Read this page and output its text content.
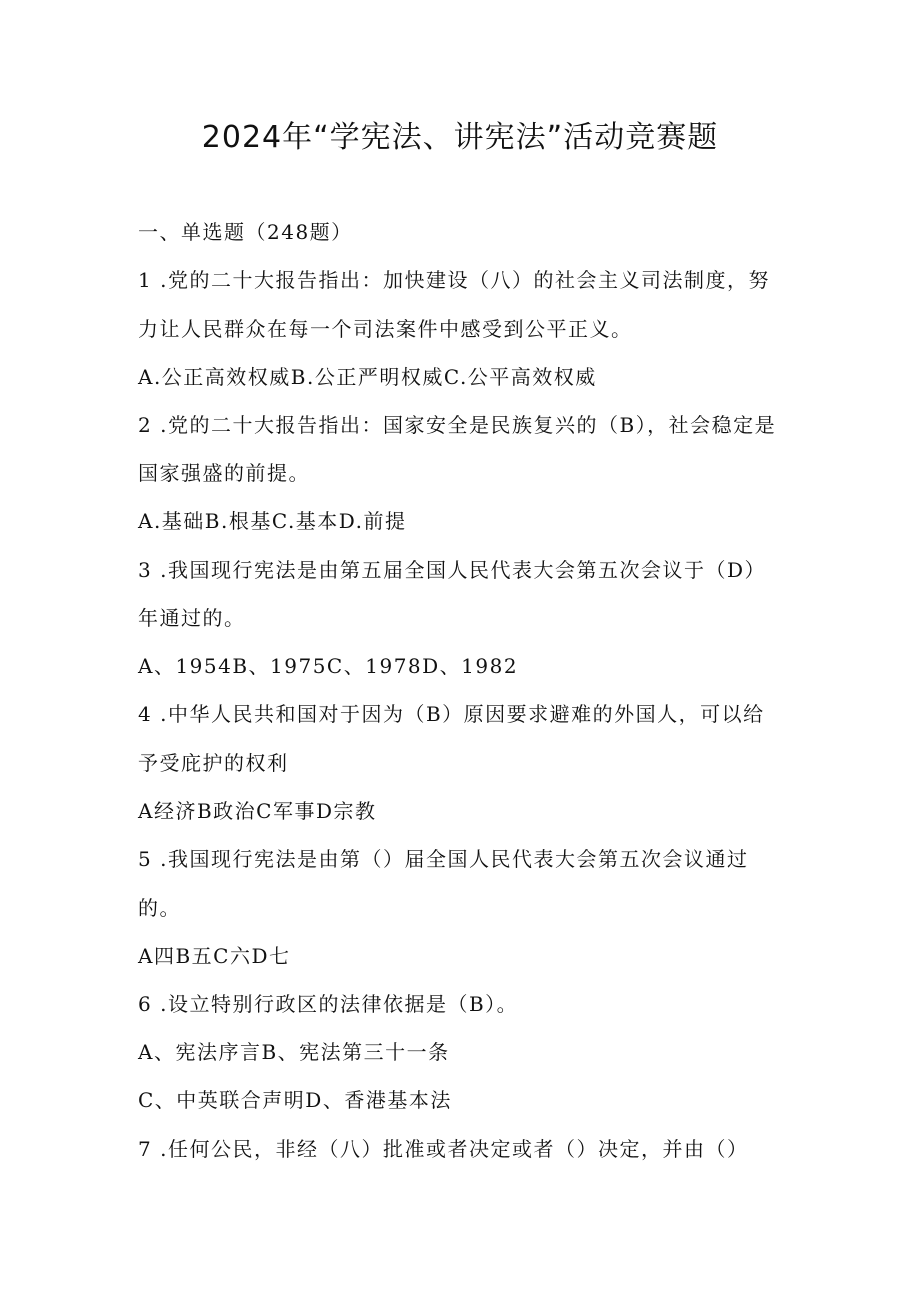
2024年“学宪法、讲宪法”活动竞赛题
一、单选题（248题）
1 .党的二十大报告指出：加快建设（八）的社会主义司法制度，努
力让人民群众在每一个司法案件中感受到公平正义。
A.公正高效权威B.公正严明权威C.公平高效权威
2 .党的二十大报告指出：国家安全是民族复兴的（B），社会稳定是
国家强盛的前提。
A.基础B.根基C.基本D.前提
3 .我国现行宪法是由第五届全国人民代表大会第五次会议于（D）
年通过的。
A、1954B、1975C、1978D、1982
4 .中华人民共和国对于因为（B）原因要求避难的外国人，可以给
予受庇护的权利
A经济B政治C军事D宗教
5 .我国现行宪法是由第（）届全国人民代表大会第五次会议通过
的。
A四B五C六D七
6 .设立特别行政区的法律依据是（B）。
A、宪法序言B、宪法第三十一条
C、中英联合声明D、香港基本法
7 .任何公民，非经（八）批准或者决定或者（）决定，并由（）
